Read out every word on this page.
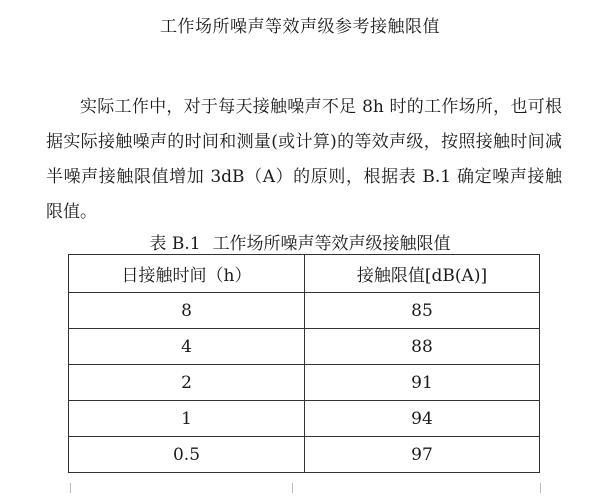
工作场所噪声等效声级参考接触限值

实际工作中，对于每天接触噪声不足 8h 时的工作场所，也可根据实际接触噪声的时间和测量(或计算)的等效声级，按照接触时间减半噪声接触限值增加 3dB（A）的原则，根据表 B.1 确定噪声接触限值。

表 B.1 工作场所噪声等效声级接触限值
日接触时间（h）	接触限值[dB(A)]
8	85
4	88
2	91
1	94
0.5	97
